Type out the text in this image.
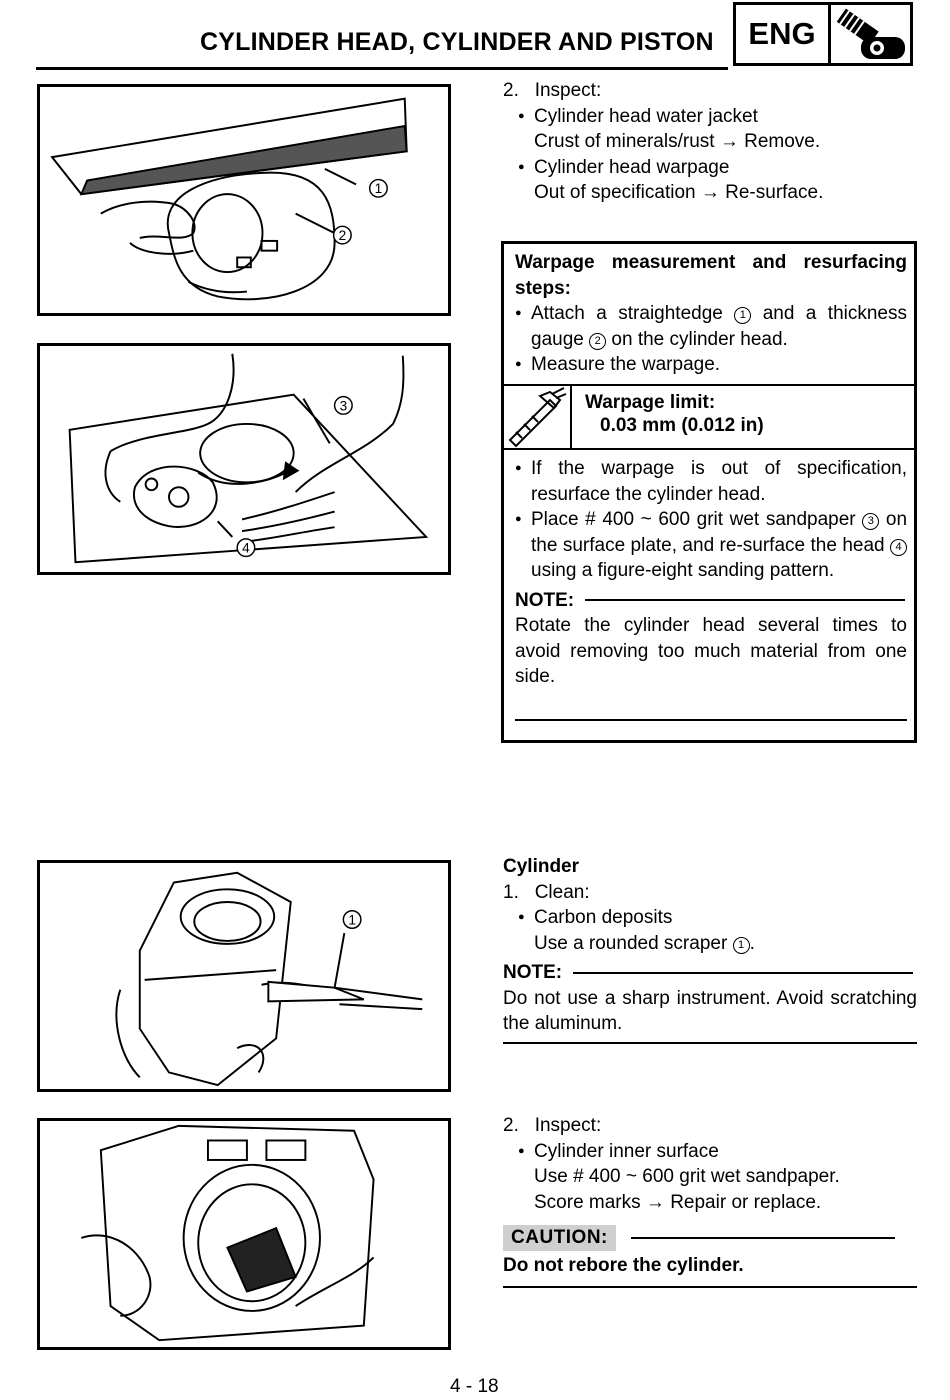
CYLINDER HEAD, CYLINDER AND PISTON	ENG
1
2
3
4
1
2. Inspect:
● Cylinder head water jacket
Crust of minerals/rust → Remove.
● Cylinder head warpage
Out of specification → Re-surface.
Warpage measurement and resurfacing steps:
● Attach a straightedge 1 and a thickness gauge 2 on the cylinder head.
● Measure the warpage.
Warpage limit:
0.03 mm (0.012 in)
● If the warpage is out of specification, resurface the cylinder head.
● Place # 400 ~ 600 grit wet sandpaper 3 on the surface plate, and re-surface the head 4 using a figure-eight sanding pattern.
NOTE:
Rotate the cylinder head several times to avoid removing too much material from one side.
Cylinder
1. Clean:
● Carbon deposits
Use a rounded scraper 1 .
NOTE:
Do not use a sharp instrument. Avoid scratching the aluminum.
2. Inspect:
● Cylinder inner surface
Use # 400 ~ 600 grit wet sandpaper.
Score marks → Repair or replace.
CAUTION:
Do not rebore the cylinder.
4 - 18
